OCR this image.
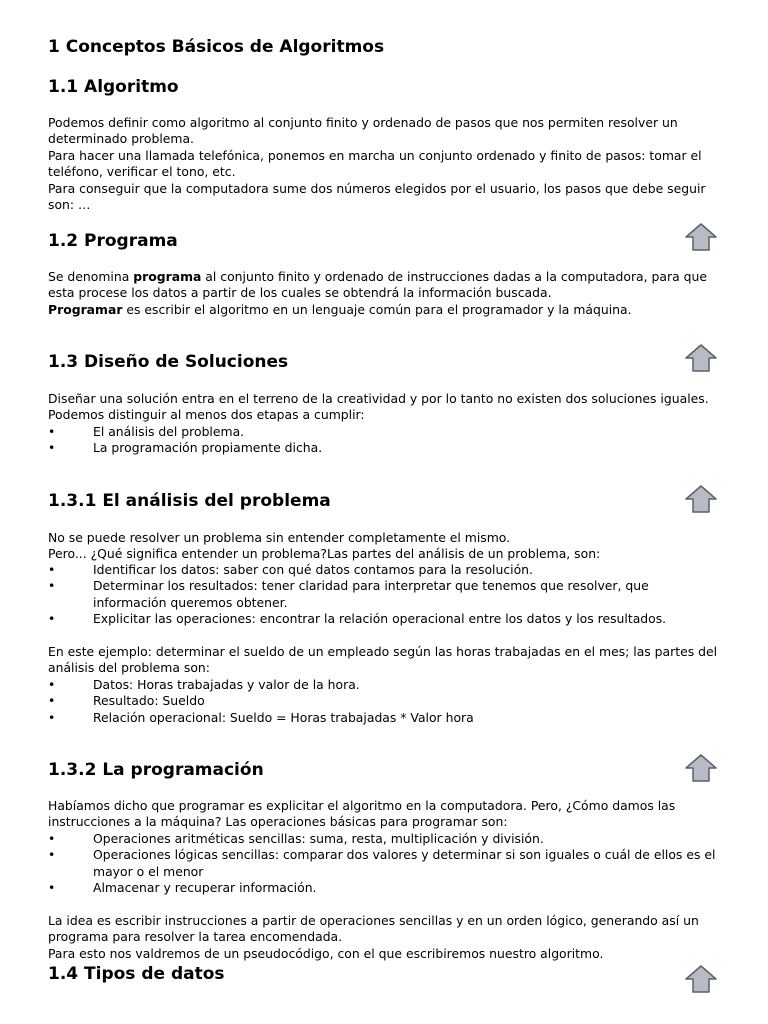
1 Conceptos Básicos de Algoritmos
1.1 Algoritmo
Podemos definir como algoritmo al conjunto finito y ordenado de pasos que nos permiten resolver un determinado problema.
Para hacer una llamada telefónica, ponemos en marcha un conjunto ordenado y finito de pasos: tomar el teléfono, verificar el tono, etc.
Para conseguir que la computadora sume dos números elegidos por el usuario, los pasos que debe seguir son: …
1.2 Programa
Se denomina programa al conjunto finito y ordenado de instrucciones dadas a la computadora, para que esta procese los datos a partir de los cuales se obtendrá la información buscada.
Programar es escribir el algoritmo en un lenguaje común para el programador y la máquina.
1.3 Diseño de Soluciones
Diseñar una solución entra en el terreno de la creatividad y por lo tanto no existen dos soluciones iguales. Podemos distinguir al menos dos etapas a cumplir:
•	El análisis del problema.
•	La programación propiamente dicha.
1.3.1 El análisis del problema
No se puede resolver un problema sin entender completamente el mismo.
Pero... ¿Qué significa entender un problema?Las partes del análisis de un problema, son:
•	Identificar los datos: saber con qué datos contamos para la resolución.
•	Determinar los resultados: tener claridad para interpretar que tenemos que resolver, que información queremos obtener.
•	Explicitar las operaciones: encontrar la relación operacional entre los datos y los resultados.
En este ejemplo: determinar el sueldo de un empleado según las horas trabajadas en el mes; las partes del análisis del problema son:
•	Datos: Horas trabajadas y valor de la hora.
•	Resultado: Sueldo
•	Relación operacional: Sueldo = Horas trabajadas * Valor hora
1.3.2 La programación
Habíamos dicho que programar es explicitar el algoritmo en la computadora. Pero, ¿Cómo damos las instrucciones a la máquina? Las operaciones básicas para programar son:
•	Operaciones aritméticas sencillas: suma, resta, multiplicación y división.
•	Operaciones lógicas sencillas: comparar dos valores y determinar si son iguales o cuál de ellos es el mayor o el menor
•	Almacenar y recuperar información.
La idea es escribir instrucciones a partir de operaciones sencillas y en un orden lógico, generando así un programa para resolver la tarea encomendada.
Para esto nos valdremos de un pseudocódigo, con el que escribiremos nuestro algoritmo.
1.4 Tipos de datos
